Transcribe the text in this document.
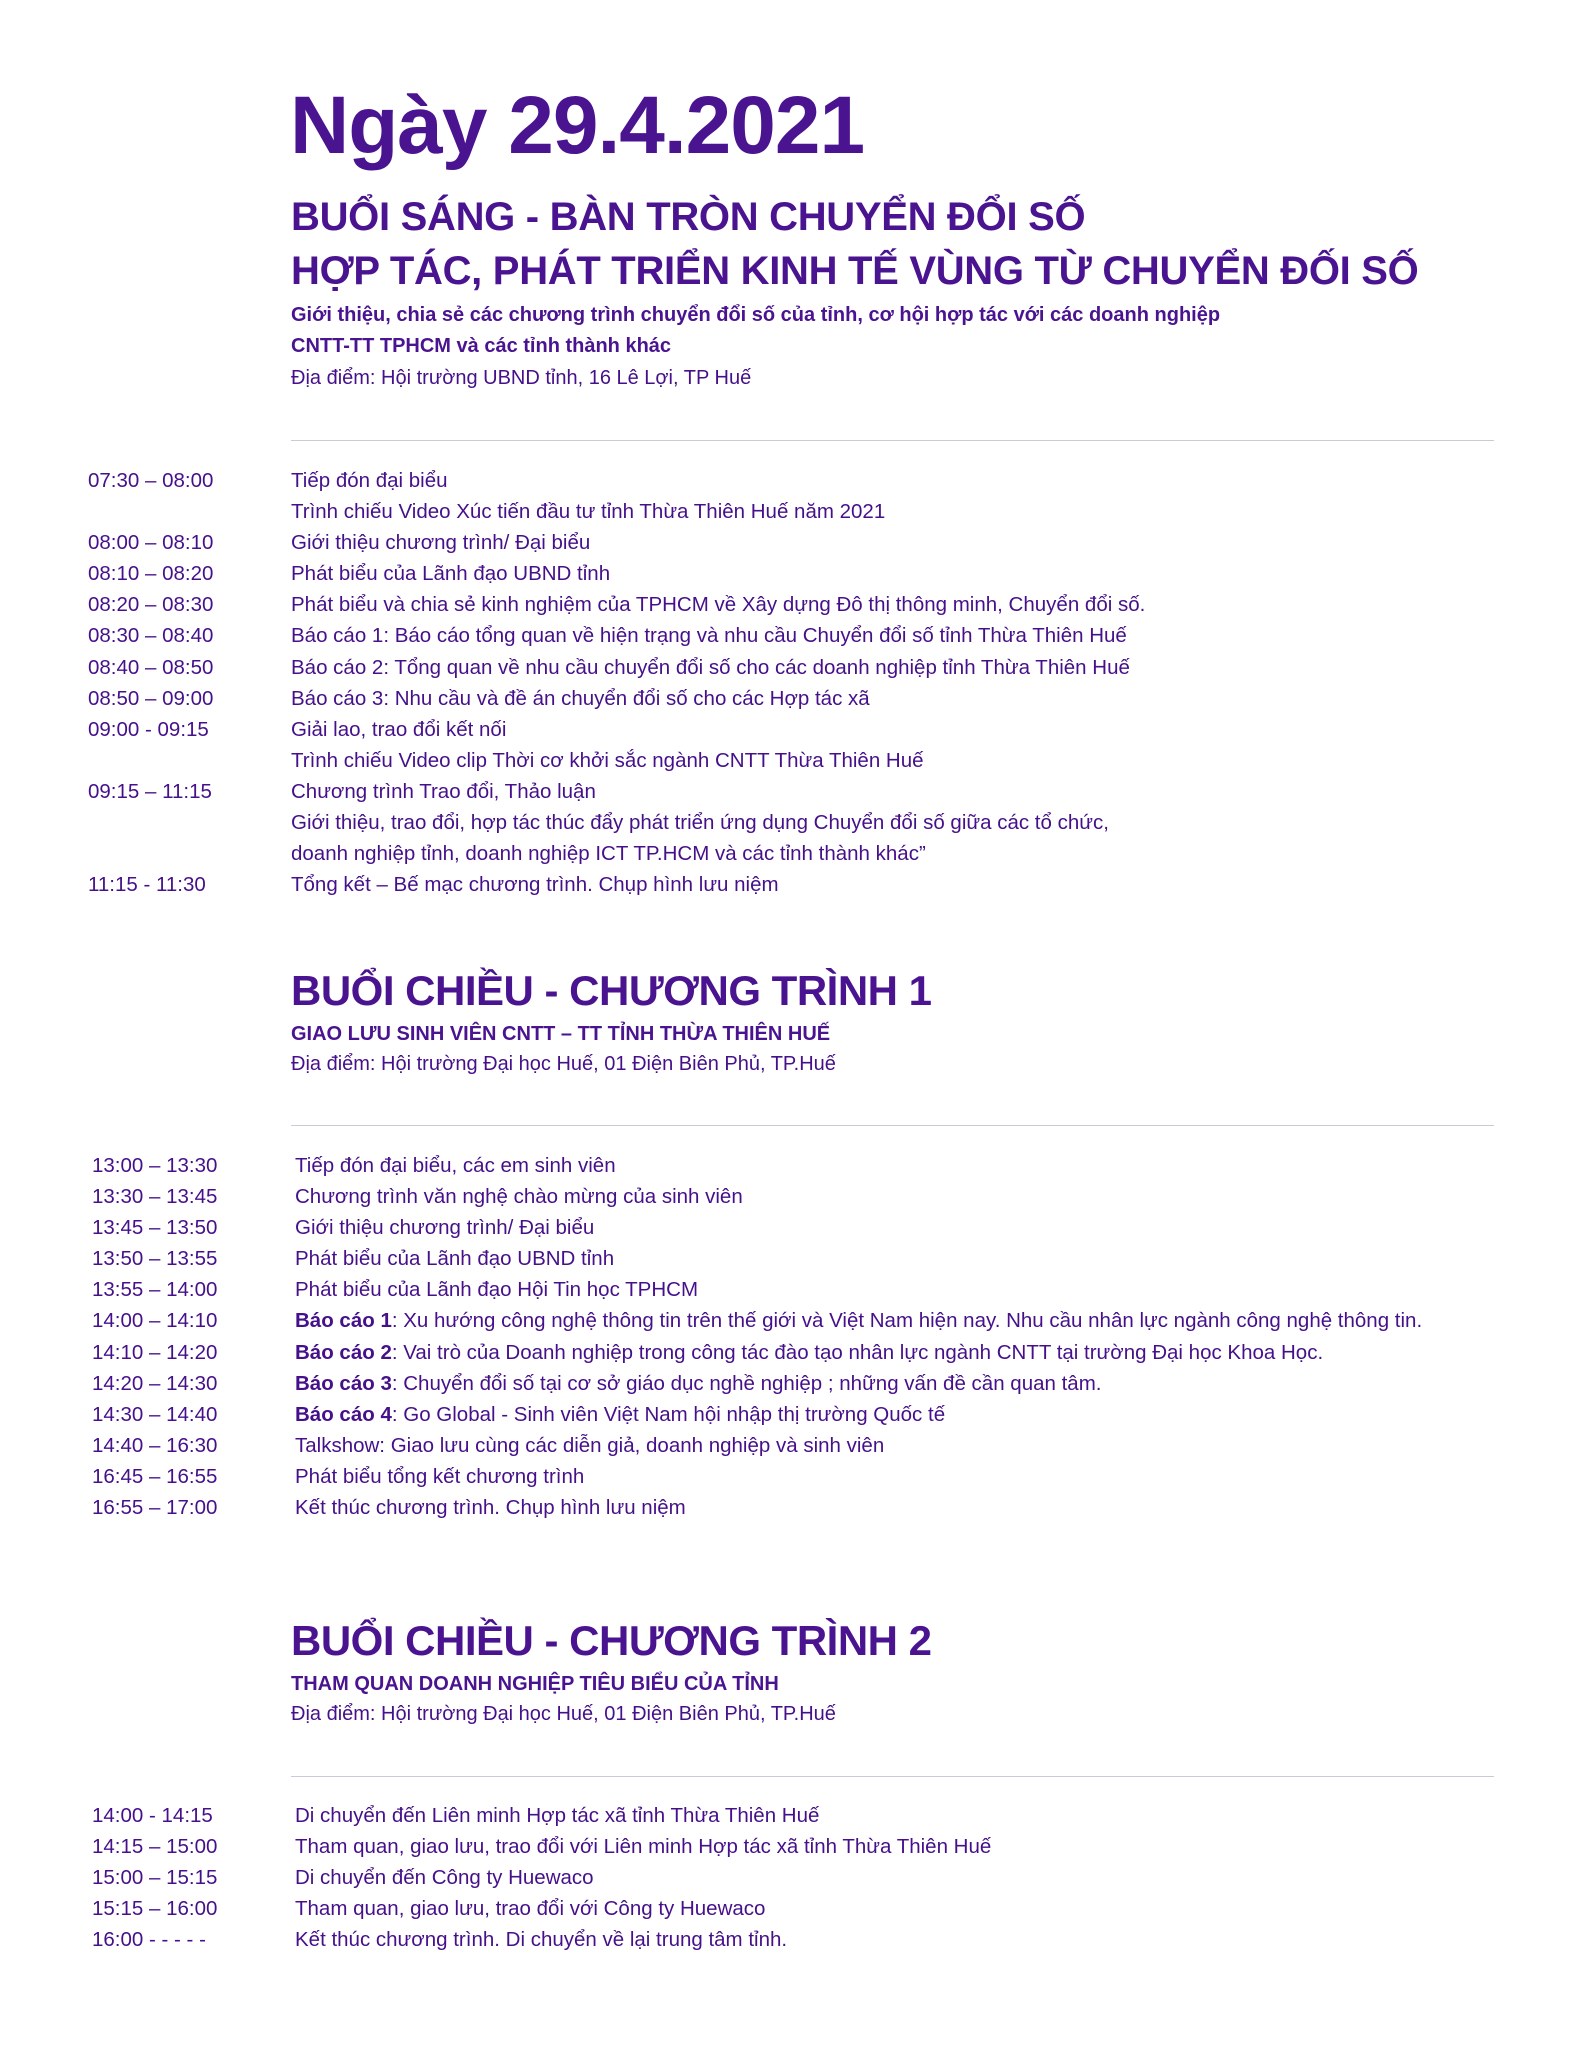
Ngày 29.4.2021
BUỔI SÁNG - BÀN TRÒN CHUYỂN ĐỔI SỐ
HỢP TÁC, PHÁT TRIỂN KINH TẾ VÙNG TỪ CHUYỂN ĐỐI SỐ
Giới thiệu, chia sẻ các chương trình chuyển đổi số của tỉnh, cơ hội hợp tác với các doanh nghiệp
CNTT-TT TPHCM và các tỉnh thành khác
Địa điểm: Hội trường UBND tỉnh, 16 Lê Lợi, TP Huế
07:30 – 08:00	Tiếp đón đại biểu
Trình chiếu Video Xúc tiến đầu tư tỉnh Thừa Thiên Huế năm 2021
08:00 – 08:10	Giới thiệu chương trình/ Đại biểu
08:10 – 08:20	Phát biểu của Lãnh đạo UBND tỉnh
08:20 – 08:30	Phát biểu và chia sẻ kinh nghiệm của TPHCM về Xây dựng Đô thị thông minh, Chuyển đổi số.
08:30 – 08:40	Báo cáo 1: Báo cáo tổng quan về hiện trạng và nhu cầu Chuyển đổi số tỉnh Thừa Thiên Huế
08:40 – 08:50	Báo cáo 2: Tổng quan về nhu cầu chuyển đổi số cho các doanh nghiệp tỉnh Thừa Thiên Huế
08:50 – 09:00	Báo cáo 3: Nhu cầu và đề án chuyển đổi số cho các Hợp tác xã
09:00 - 09:15	Giải lao, trao đổi kết nối
Trình chiếu Video clip Thời cơ khởi sắc ngành CNTT Thừa Thiên Huế
09:15 – 11:15	Chương trình Trao đổi, Thảo luận
Giới thiệu, trao đổi, hợp tác thúc đẩy phát triển ứng dụng Chuyển đổi số giữa các tổ chức,
doanh nghiệp tỉnh, doanh nghiệp ICT TP.HCM và các tỉnh thành khác”
11:15 - 11:30	Tổng kết – Bế mạc chương trình. Chụp hình lưu niệm
BUỔI CHIỀU - CHƯƠNG TRÌNH 1
GIAO LƯU SINH VIÊN CNTT – TT TỈNH THỪA THIÊN HUẾ
Địa điểm: Hội trường Đại học Huế, 01 Điện Biên Phủ, TP.Huế
13:00 – 13:30	Tiếp đón đại biểu, các em sinh viên
13:30 – 13:45	Chương trình văn nghệ chào mừng của sinh viên
13:45 – 13:50	Giới thiệu chương trình/ Đại biểu
13:50 – 13:55	Phát biểu của Lãnh đạo UBND tỉnh
13:55 – 14:00	Phát biểu của Lãnh đạo Hội Tin học TPHCM
14:00 – 14:10	Báo cáo 1: Xu hướng công nghệ thông tin trên thế giới và Việt Nam hiện nay. Nhu cầu nhân lực ngành công nghệ thông tin.
14:10 – 14:20	Báo cáo 2: Vai trò của Doanh nghiệp trong công tác đào tạo nhân lực ngành CNTT tại trường Đại học Khoa Học.
14:20 – 14:30	Báo cáo 3: Chuyển đổi số tại cơ sở giáo dục nghề nghiệp ; những vấn đề cần quan tâm.
14:30 – 14:40	Báo cáo 4: Go Global - Sinh viên Việt Nam hội nhập thị trường Quốc tế
14:40 – 16:30	Talkshow: Giao lưu cùng các diễn giả, doanh nghiệp và sinh viên
16:45 – 16:55	Phát biểu tổng kết chương trình
16:55 – 17:00	Kết thúc chương trình. Chụp hình lưu niệm
BUỔI CHIỀU - CHƯƠNG TRÌNH 2
THAM QUAN DOANH NGHIỆP TIÊU BIỂU CỦA TỈNH
Địa điểm: Hội trường Đại học Huế, 01 Điện Biên Phủ, TP.Huế
14:00 - 14:15	Di chuyển đến Liên minh Hợp tác xã tỉnh Thừa Thiên Huế
14:15 – 15:00	Tham quan, giao lưu, trao đổi với Liên minh Hợp tác xã tỉnh Thừa Thiên Huế
15:00 – 15:15	Di chuyển đến Công ty Huewaco
15:15 – 16:00	Tham quan, giao lưu, trao đổi với Công ty Huewaco
16:00 - - - - -	Kết thúc chương trình. Di chuyển về lại trung tâm tỉnh.
